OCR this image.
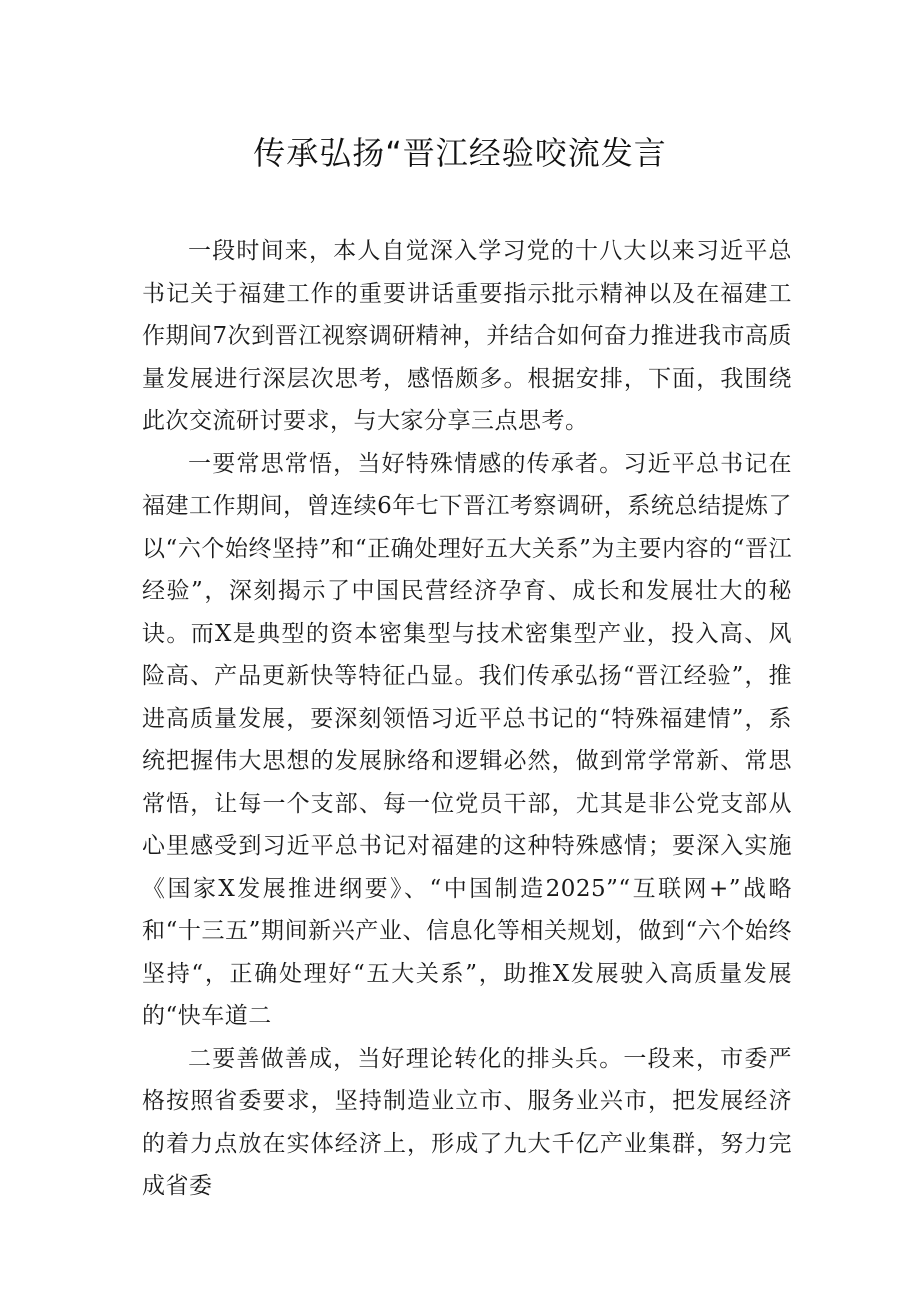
传承弘扬“晋江经验咬流发言

一段时间来，本人自觉深入学习党的十八大以来习近平总书记关于福建工作的重要讲话重要指示批示精神以及在福建工作期间7次到晋江视察调研精神，并结合如何奋力推进我市高质量发展进行深层次思考，感悟颇多。根据安排，下面，我围绕此次交流研讨要求，与大家分享三点思考。

一要常思常悟，当好特殊情感的传承者。习近平总书记在福建工作期间，曾连续6年七下晋江考察调研，系统总结提炼了以“六个始终坚持”和“正确处理好五大关系”为主要内容的“晋江经验”，深刻揭示了中国民营经济孕育、成长和发展壮大的秘诀。而X是典型的资本密集型与技术密集型产业，投入高、风险高、产品更新快等特征凸显。我们传承弘扬“晋江经验”，推进高质量发展，要深刻领悟习近平总书记的“特殊福建情”，系统把握伟大思想的发展脉络和逻辑必然，做到常学常新、常思常悟，让每一个支部、每一位党员干部，尤其是非公党支部从心里感受到习近平总书记对福建的这种特殊感情；要深入实施《国家X发展推进纲要》、“中国制造2025”“互联网+”战略和“十三五”期间新兴产业、信息化等相关规划，做到“六个始终坚持“，正确处理好“五大关系”，助推X发展驶入高质量发展的“快车道二

二要善做善成，当好理论转化的排头兵。一段来，市委严格按照省委要求，坚持制造业立市、服务业兴市，把发展经济的着力点放在实体经济上，形成了九大千亿产业集群，努力完成省委
